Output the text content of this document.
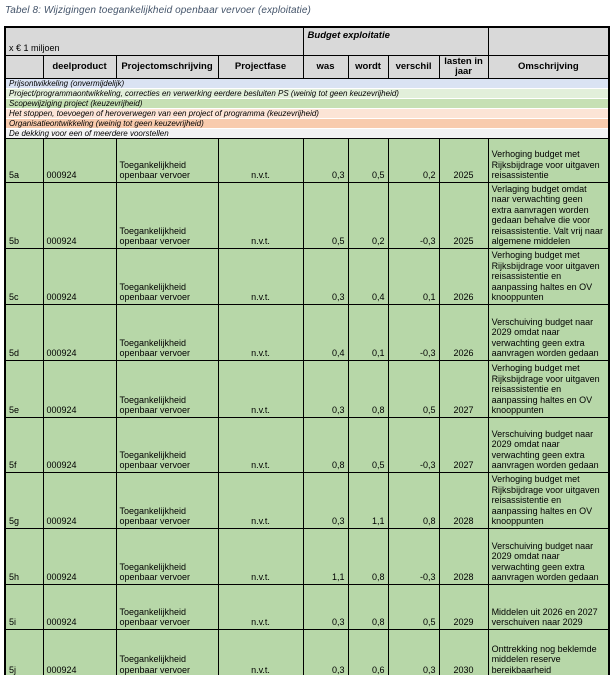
Tabel 8: Wijzigingen toegankelijkheid openbaar vervoer (exploitatie)
x € 1 miljoen				Budget exploitatie				
	deelproduct	Projectomschrijving	Projectfase	was	wordt	verschil	lasten in jaar	Omschrijving
Prijsontwikkeling (onvermijdelijk)								
Project/programmaontwikkeling, correcties en verwerking eerdere besluiten PS (weinig tot geen keuzevrijheid)								
Scopewijziging project (keuzevrijheid)								
Het stoppen, toevoegen of heroverwegen van een project of programma (keuzevrijheid)								
Organisatieontwikkeling (weinig tot geen keuzevrijheid)								
De dekking voor een of meerdere voorstellen								
5a	000924	Toegankelijkheid openbaar vervoer	n.v.t.	0,3	0,5	0,2	2025	Verhoging budget met Rijksbijdrage voor uitgaven reisassistentie
5b	000924	Toegankelijkheid openbaar vervoer	n.v.t.	0,5	0,2	-0,3	2025	Verlaging budget omdat naar verwachting geen extra aanvragen worden gedaan behalve die voor reisassistentie. Valt vrij naar algemene middelen
5c	000924	Toegankelijkheid openbaar vervoer	n.v.t.	0,3	0,4	0,1	2026	Verhoging budget met Rijksbijdrage voor uitgaven reisassistentie en aanpassing haltes en OV knooppunten
5d	000924	Toegankelijkheid openbaar vervoer	n.v.t.	0,4	0,1	-0,3	2026	Verschuiving budget naar 2029 omdat naar verwachting geen extra aanvragen worden gedaan
5e	000924	Toegankelijkheid openbaar vervoer	n.v.t.	0,3	0,8	0,5	2027	Verhoging budget met Rijksbijdrage voor uitgaven reisassistentie en aanpassing haltes en OV knooppunten
5f	000924	Toegankelijkheid openbaar vervoer	n.v.t.	0,8	0,5	-0,3	2027	Verschuiving budget naar 2029 omdat naar verwachting geen extra aanvragen worden gedaan
5g	000924	Toegankelijkheid openbaar vervoer	n.v.t.	0,3	1,1	0,8	2028	Verhoging budget met Rijksbijdrage voor uitgaven reisassistentie en aanpassing haltes en OV knooppunten
5h	000924	Toegankelijkheid openbaar vervoer	n.v.t.	1,1	0,8	-0,3	2028	Verschuiving budget naar 2029 omdat naar verwachting geen extra aanvragen worden gedaan
5i	000924	Toegankelijkheid openbaar vervoer	n.v.t.	0,3	0,8	0,5	2029	Middelen uit 2026 en 2027 verschuiven naar 2029
5j	000924	Toegankelijkheid openbaar vervoer	n.v.t.	0,3	0,6	0,3	2030	Onttrekking nog beklemde middelen reserve bereikbaarheid
